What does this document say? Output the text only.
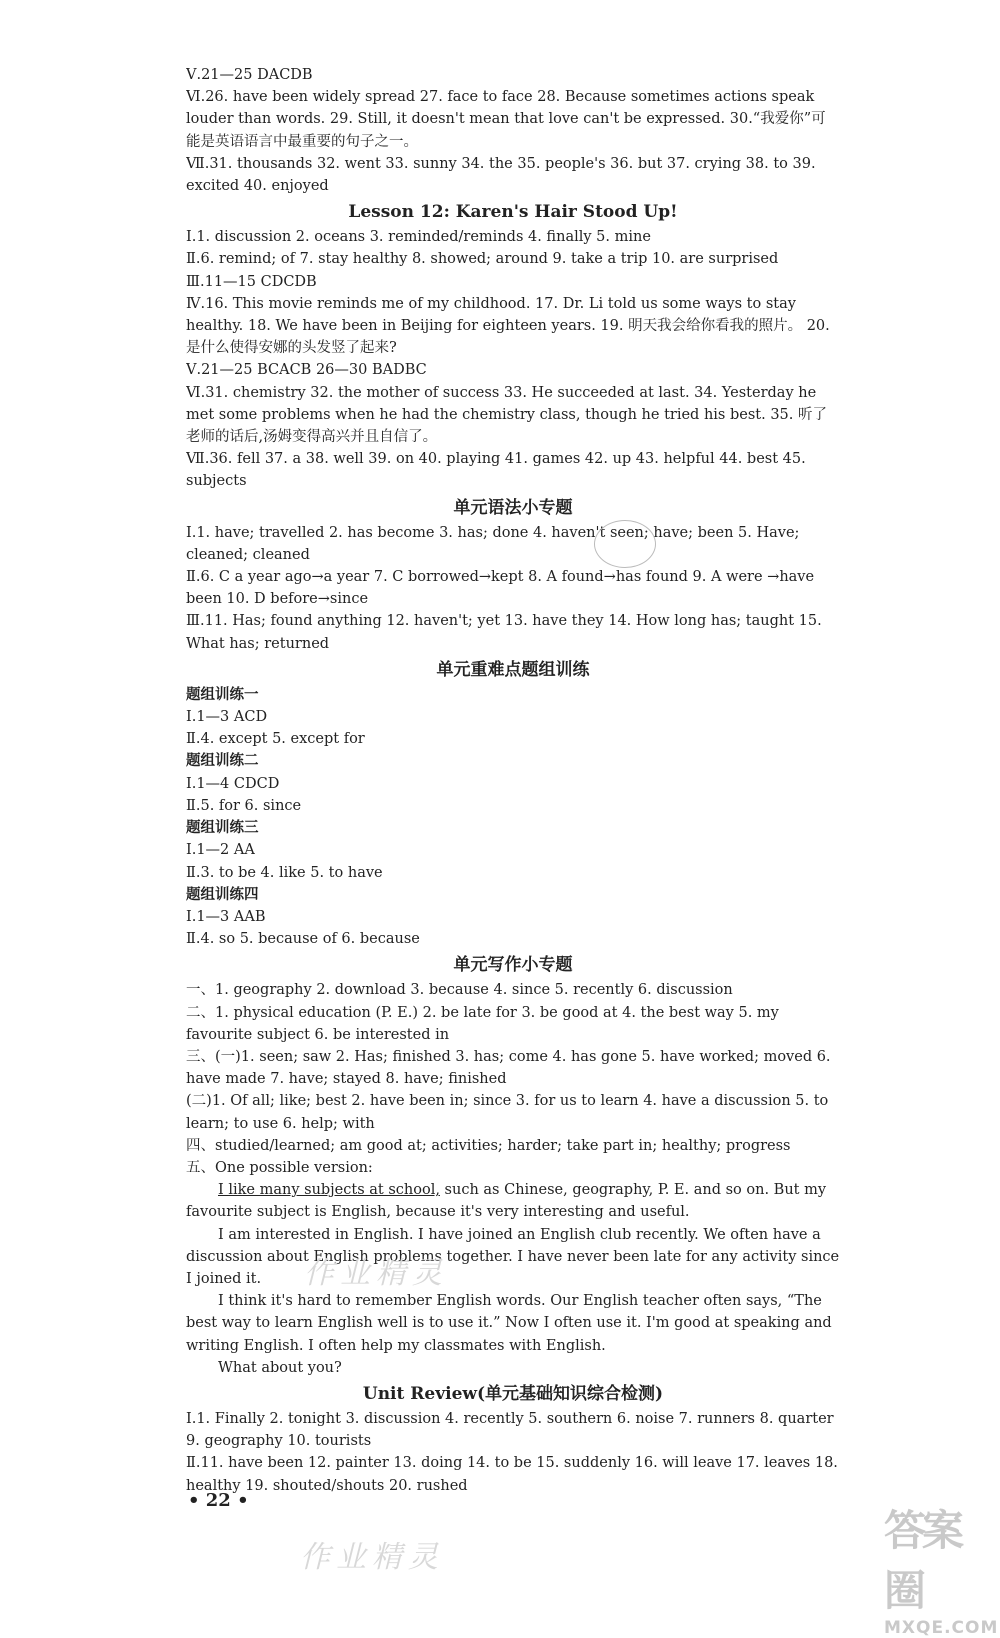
Ⅴ.21—25 DACDB
Ⅵ.26. have been widely spread 27. face to face 28. Because sometimes actions speak louder than words. 29. Still, it doesn't mean that love can't be expressed. 30.“我爱你”可能是英语语言中最重要的句子之一。
Ⅶ.31. thousands 32. went 33. sunny 34. the 35. people's 36. but 37. crying 38. to 39. excited 40. enjoyed
Lesson 12: Karen's Hair Stood Up!
Ⅰ.1. discussion 2. oceans 3. reminded/reminds 4. finally 5. mine
Ⅱ.6. remind; of 7. stay healthy 8. showed; around 9. take a trip 10. are surprised
Ⅲ.11—15 CDCDB
Ⅳ.16. This movie reminds me of my childhood. 17. Dr. Li told us some ways to stay healthy. 18. We have been in Beijing for eighteen years. 19. 明天我会给你看我的照片。 20. 是什么使得安娜的头发竖了起来?
Ⅴ.21—25 BCACB 26—30 BADBC
Ⅵ.31. chemistry 32. the mother of success 33. He succeeded at last. 34. Yesterday he met some problems when he had the chemistry class, though he tried his best. 35. 听了老师的话后,汤姆变得高兴并且自信了。
Ⅶ.36. fell 37. a 38. well 39. on 40. playing 41. games 42. up 43. helpful 44. best 45. subjects
单元语法小专题
Ⅰ.1. have; travelled 2. has become 3. has; done 4. haven't seen; have; been 5. Have; cleaned; cleaned
Ⅱ.6. C a year ago→a year 7. C borrowed→kept 8. A found→has found 9. A were →have been 10. D before→since
Ⅲ.11. Has; found anything 12. haven't; yet 13. have they 14. How long has; taught 15. What has; returned
单元重难点题组训练
题组训练一
Ⅰ.1—3 ACD
Ⅱ.4. except 5. except for
题组训练二
Ⅰ.1—4 CDCD
Ⅱ.5. for 6. since
题组训练三
Ⅰ.1—2 AA
Ⅱ.3. to be 4. like 5. to have
题组训练四
Ⅰ.1—3 AAB
Ⅱ.4. so 5. because of 6. because
单元写作小专题
一、1. geography 2. download 3. because 4. since 5. recently 6. discussion
二、1. physical education (P. E.) 2. be late for 3. be good at 4. the best way 5. my favourite subject 6. be interested in
三、(一)1. seen; saw 2. Has; finished 3. has; come 4. has gone 5. have worked; moved 6. have made 7. have; stayed 8. have; finished
(二)1. Of all; like; best 2. have been in; since 3. for us to learn 4. have a discussion 5. to learn; to use 6. help; with
四、studied/learned; am good at; activities; harder; take part in; healthy; progress
五、One possible version:
I like many subjects at school, such as Chinese, geography, P. E. and so on. But my favourite subject is English, because it's very interesting and useful.
I am interested in English. I have joined an English club recently. We often have a discussion about English problems together. I have never been late for any activity since I joined it.
I think it's hard to remember English words. Our English teacher often says, “The best way to learn English well is to use it.” Now I often use it. I'm good at speaking and writing English. I often help my classmates with English.
What about you?
Unit Review(单元基础知识综合检测)
Ⅰ.1. Finally 2. tonight 3. discussion 4. recently 5. southern 6. noise 7. runners 8. quarter 9. geography 10. tourists
Ⅱ.11. have been 12. painter 13. doing 14. to be 15. suddenly 16. will leave 17. leaves 18. healthy 19. shouted/shouts 20. rushed
• 22 •
作业精灵
作业精灵
答案圈
MXQE.COM
